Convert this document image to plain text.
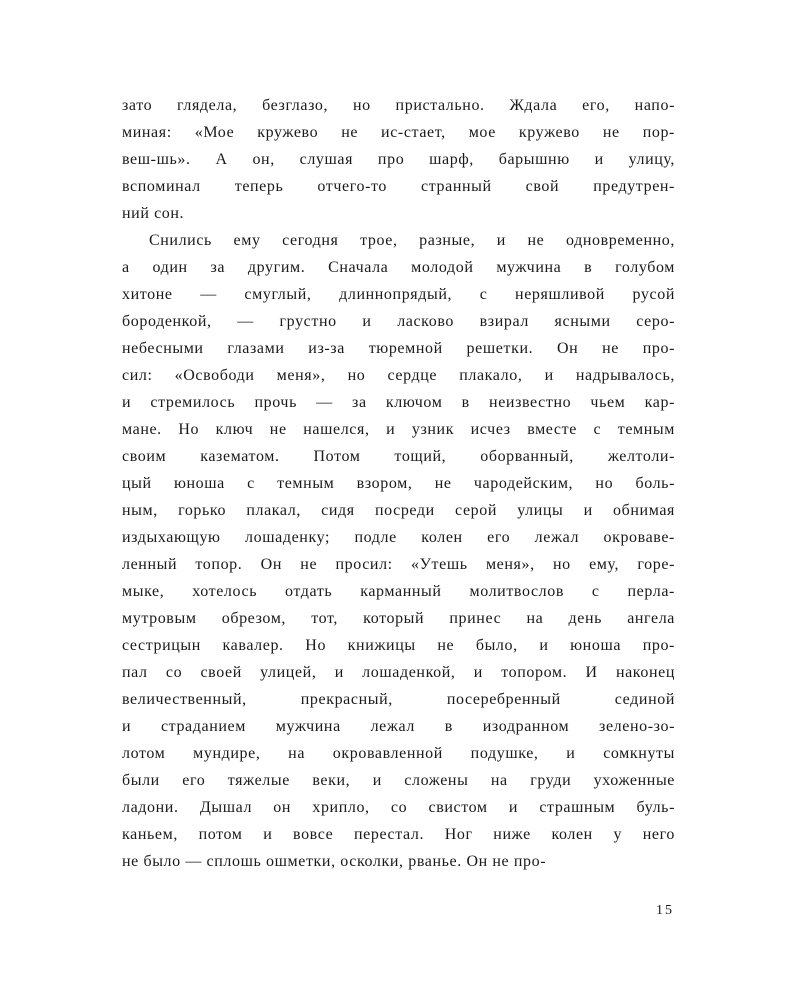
зато глядела, безглазо, но пристально. Ждала его, напо-
миная: «Мое кружево не ис-стает, мое кружево не пор-
веш-шь». А он, слушая про шарф, барышню и улицу,
вспоминал теперь отчего-то странный свой предутрен-
ний сон.
Снились ему сегодня трое, разные, и не одновременно,
а один за другим. Сначала молодой мужчина в голубом
хитоне — смуглый, длиннопрядый, с неряшливой русой
бороденкой, — грустно и ласково взирал ясными серо-
небесными глазами из-за тюремной решетки. Он не про-
сил: «Освободи меня», но сердце плакало, и надрывалось,
и стремилось прочь — за ключом в неизвестно чьем кар-
мане. Но ключ не нашелся, и узник исчез вместе с темным
своим казематом. Потом тощий, оборванный, желтоли-
цый юноша с темным взором, не чародейским, но боль-
ным, горько плакал, сидя посреди серой улицы и обнимая
издыхающую лошаденку; подле колен его лежал окроваве-
ленный топор. Он не просил: «Утешь меня», но ему, горе-
мыке, хотелось отдать карманный молитвослов с перла-
мутровым обрезом, тот, который принес на день ангела
сестрицын кавалер. Но книжицы не было, и юноша про-
пал со своей улицей, и лошаденкой, и топором. И наконец
величественный, прекрасный, посеребренный сединой
и страданием мужчина лежал в изодранном зелено-зо-
лотом мундире, на окровавленной подушке, и сомкнуты
были его тяжелые веки, и сложены на груди ухоженные
ладони. Дышал он хрипло, со свистом и страшным буль-
каньем, потом и вовсе перестал. Ног ниже колен у него
не было — сплошь ошметки, осколки, рванье. Он не про-
15
